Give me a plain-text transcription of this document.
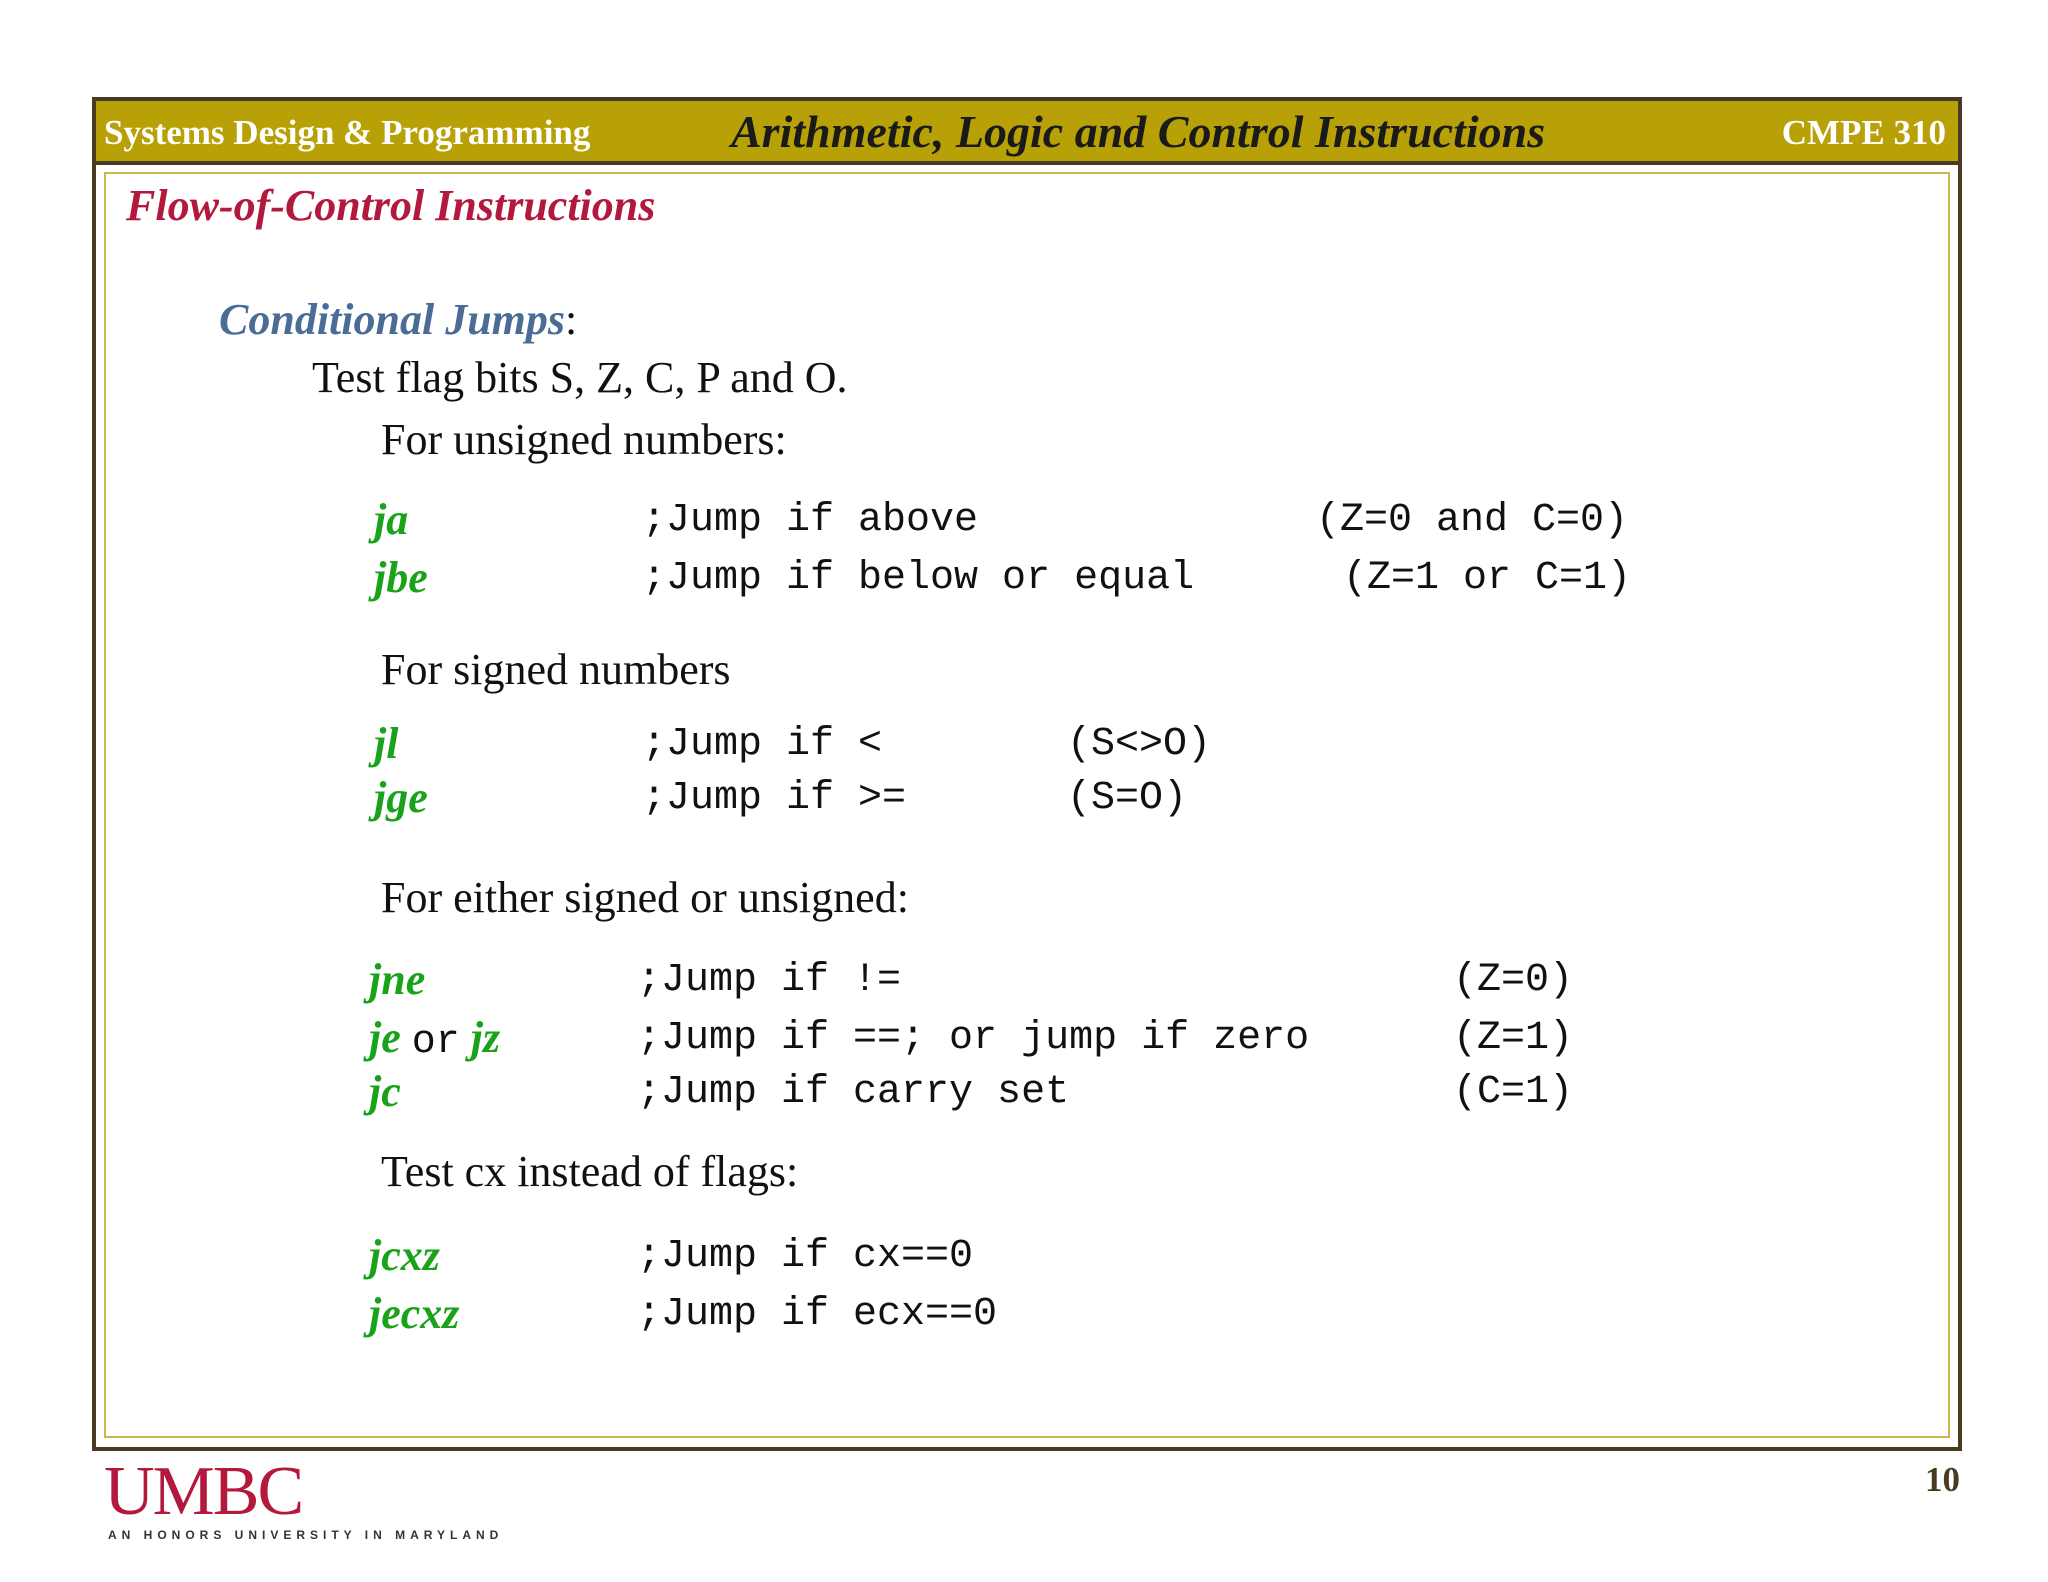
Systems Design & Programming	Arithmetic, Logic and Control Instructions	CMPE 310
Flow-of-Control Instructions
Conditional Jumps:
Test flag bits S, Z, C, P and O.
For unsigned numbers:
ja	;Jump if above	(Z=0 and C=0)
jbe	;Jump if below or equal	(Z=1 or C=1)
For signed numbers
jl	;Jump if <	(S<>O)
jge	;Jump if >=	(S=O)
For either signed or unsigned:
jne	;Jump if !=	(Z=0)
je or jz	;Jump if ==; or jump if zero	(Z=1)
jc	;Jump if carry set	(C=1)
Test cx instead of flags:
jcxz	;Jump if cx==0
jecxz	;Jump if ecx==0
UMBC
AN HONORS UNIVERSITY IN MARYLAND
10
